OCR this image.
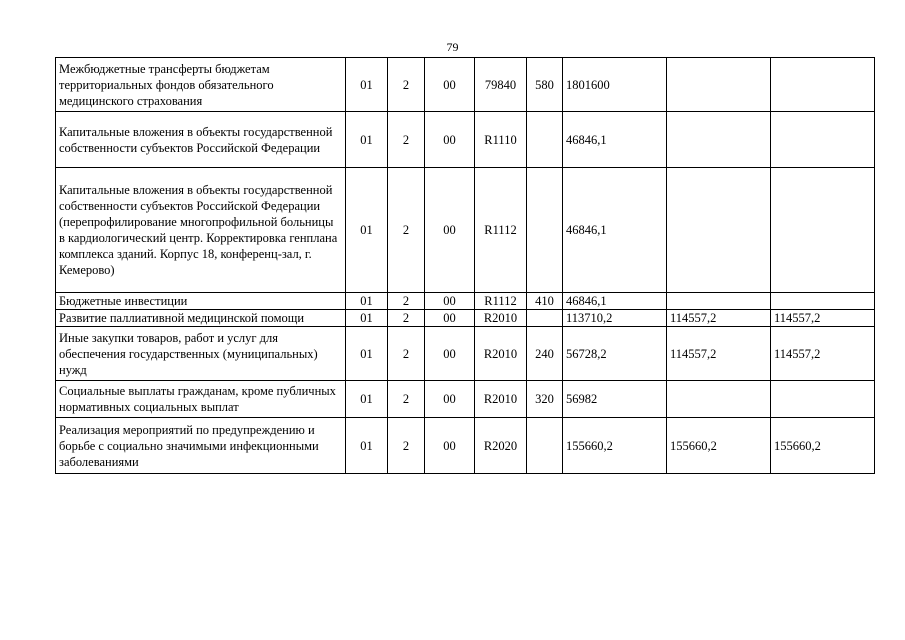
79
Межбюджетные трансферты бюджетам территориальных фондов обязательного медицинского страхования	01	2	00	79840	580	1801600		
Капитальные вложения в объекты государственной собственности субъектов Российской Федерации	01	2	00	R1110		46846,1		
Капитальные вложения в объекты государственной собственности субъектов Российской Федерации (перепрофилирование многопрофильной больницы в кардиологический центр. Корректировка генплана комплекса зданий. Корпус 18, конференц-зал, г. Кемерово)	01	2	00	R1112		46846,1		
Бюджетные инвестиции	01	2	00	R1112	410	46846,1		
Развитие паллиативной медицинской помощи	01	2	00	R2010		113710,2	114557,2	114557,2
Иные закупки товаров, работ и услуг для обеспечения государственных (муниципальных) нужд	01	2	00	R2010	240	56728,2	114557,2	114557,2
Социальные выплаты гражданам, кроме публичных нормативных социальных выплат	01	2	00	R2010	320	56982		
Реализация мероприятий по предупреждению и борьбе с социально значимыми инфекционными заболеваниями	01	2	00	R2020		155660,2	155660,2	155660,2
